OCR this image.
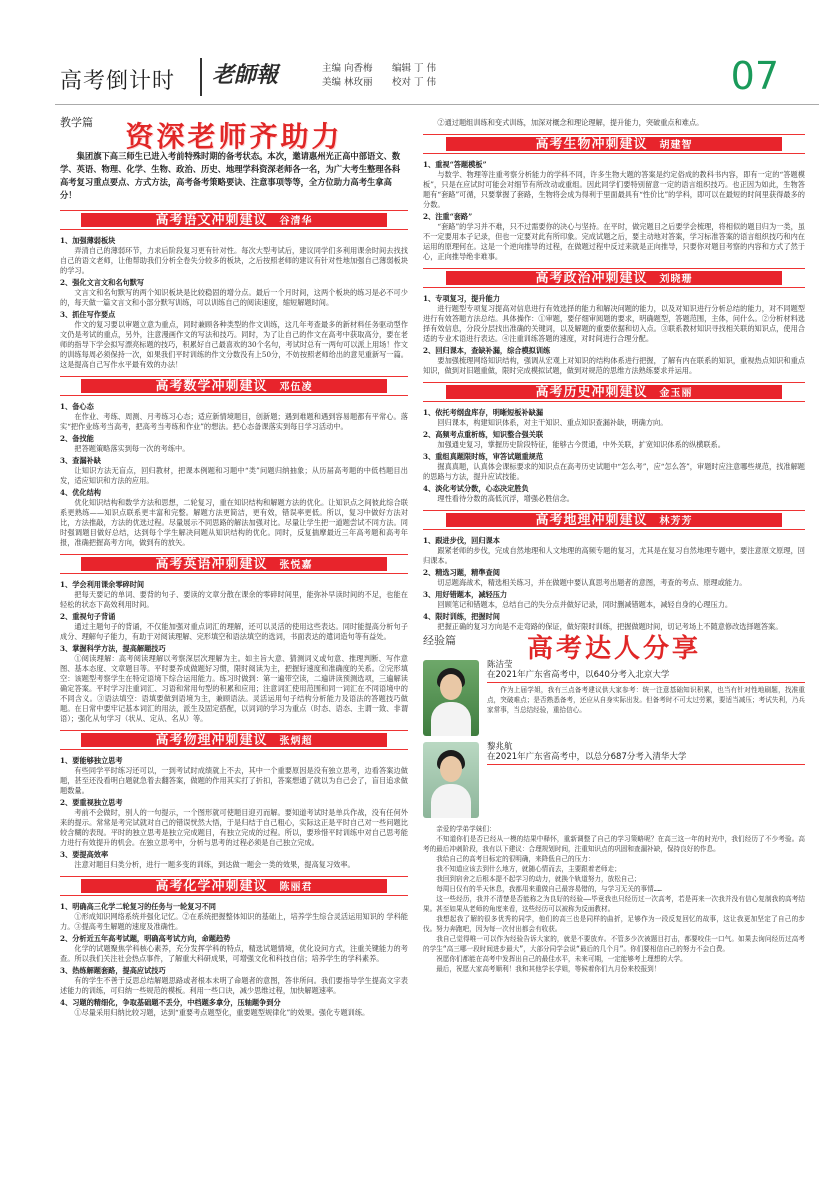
高考倒计时	老師報	主编 向香梅 编辑 丁 伟
美编 林玫丽 校对 丁 伟	07
教学篇	资深老师齐助力
集团旗下高三师生已进入考前特殊时期的备考状态。本次，邀请惠州光正高中部语文、数学、英语、物理、化学、生物、政治、历史、地理学科资深老师各一名，为广大考生整理各科高考复习重点要点、方式方法，高考备考策略要诀、注意事项等等，全方位助力高考生拿高分！
高考语文冲刺建议 谷清华
1、加强薄弱板块
弄清自己的薄弱环节，力求后阶段复习更有针对性。每次大型考试后，建议同学们多利用课余时间去找找自己的语文老师，让他帮助我们分析全卷失分较多的板块，之后按照老师的建议有针对性地加强自己薄弱板块的学习。
2、强化文言文和名句默写
文言文和名句默写的两个知识板块是比较稳固的增分点。最后一个月时间，这两个板块的练习是必不可少的，每天做一篇文言文和小部分默写训练，可以训练自己的阅读速度，缩短解题时间。
3、抓住写作要点
作文的复习要以审题立意为重点，同时兼顾各种类型的作文训练，这几年考查最多的新材料任务驱动型作文仍是考试的重点，另外，注意漫画作文的写法和技巧。同时，为了让自己的作文在高考中获取高分，要在老师的指导下学会拟写漂亮标题的技巧，积累好自己最喜欢的30个名句，考试时总有一两句可以派上用场！作文的训练每周必须保持一次，如果我们平时训练的作文分数没有上50分，不妨按照老师给出的意见重新写一篇。这是提高自己写作水平最有效的办法！
高考数学冲刺建议 邓伍凌
1、备心态
在作业、考练、周测、月考练习心态；适应新情境题目，创新题；遇到难题和遇到容易题都有平常心。落实“把作业练考当高考，把高考当考练和作业”的想法。把心态备课落实到每日学习活动中。
2、备找能
把答题策略落实到每一次的考练中。
3、查漏补缺
让知识方法无盲点，回归教材，把课本例题和习题中“类”问题归纳抽象；从历届高考题的中低档题目出发，适应知识和方法的应用。
4、优化结构
优化知识结构和数学方法和思想，二轮复习，重在知识结构和解题方法的优化。让知识点之间彼此综合联系更熟练——知识点联系更丰富和完整。解题方法更简洁，更有效，错误率更低。所以，复习中做好方法对比，方法推敲，方法的优选过程。尽量展示不同思路的解法加强对比。尽量让学生把一道题尝试不同方法。同时强调题目做好总结，达到每个学生解决问题从知识结构的优化。同时，反复揣摩最近三年高考题和高考年报，准确把握高考方向，做到有的放矢。
高考英语冲刺建议 张悦嘉
1、学会利用课余零碎时间
把每天要记的单词、要背的句子、要读的文章分散在课余的零碎时间里，能弥补早读时间的不足，也能在轻松的状态下高效利用时间。
2、重视句子背诵
通过主题句子的背诵，不仅能加强对重点词汇的理解，还可以灵活的使用这些表达。同时能提高分析句子成分、理解句子能力，有助于对阅读理解、完形填空和语法填空的选词，书面表达的遣词造句等有益处。
3、掌握科学方法，提高解题技巧
①阅读理解：高考阅读理解以考察深层次理解为主。如主旨大意、猜测词义或句意、推理判断、写作意图、基本态度、文章题目等。平时要养成做题好习惯，限时阅读为主，把握好速度和准确度的关系。②完形填空：该题型考察学生在特定语境下综合运用能力。练习时做到：第一遍带空读，二遍讲读预测选项，三遍解读确定答案。平时学习注重词汇、习语和常用句型的积累和应用；注意词汇使用范围和同一词汇在不同语境中的不同含义。③语法填空：语填要做到语境为主，兼顾语法。灵活运用句子结构分析能力及语法的答题技巧做题。在日常中要牢记基本词汇的用法，派生及固定搭配，以词词的学习为重点（时态、语态、主谓一致、非谓语）；强化从句学习（状从、定从、名从）等。
高考物理冲刺建议 张炳超
1、要能够独立思考
有些同学平时练习还可以，一到考试时成绩就上不去，其中一个重要原因是没有独立思考，边看答案边做题，甚至还没看明白题就急着去翻答案，做题的作用其实打了折扣，答案想通了就以为自己会了，盲目追求做题数量。
2、要重视独立思考
考前不会做时，别人的一句提示，一个图形就可使题目迎刃而解。要知道考试时是单兵作战，没有任何外来的提示。常常是考完试就对自己的错误恍然大悟，于是归结于自己粗心，实际这正是平时自己对一些问题比较含糊的表现。平时的独立思考是独立完成题目，有独立完成的过程。所以，要珍惜平时训练中对自己思考能力进行有效提升的机会。在独立思考中，分析与思考的过程必须是自己独立完成。
3、要提高效率
注意对题目归类分析，进行一题多变的训练，到达做一题会一类的效果，提高复习效率。
高考化学冲刺建议 陈丽君
1、明确高三化学二轮复习的任务与一轮复习不同
①形成知识网络系统并强化记忆。②在系统把握整体知识的基础上，培养学生综合灵活运用知识的 学科能力。③提高考生解题的速度及准确性。
2、分析近五年高考试题，明确高考试方向，命题趋势
化学的试题聚焦学科核心素养，充分发挥学科的特点，精选试题情境，优化设问方式，注重关键能力的考查。所以我们关注社会热点事件，了解重大科研成果，可增强文化和科技自信；培养学生的学科素养。
3、热练解题套路，提高应试技巧
有的学生不善于反思总结解题思路或者根本未明了命题者的意图，答非所问。我们要指导学生提高文字表述能力的训练，可归纳一些规范的模板。利用一些口诀，减少思维过程，加快解题速率。
4、习题的精细化，争取基础题不丢分，中档题多拿分，压轴题争到分
①尽量采用归纳比较习题，达到“重要考点题型化，重要题型规律化”的效果。强化专题训练。
②通过题组训练和变式训练，加深对概念和理论理解，提升能力，突破重点和难点。
高考生物冲刺建议 胡建智
1、重视“答题模板”
与数学、物理等注重考察分析能力的学科不同，许多生物大题的答案是约定俗成的教科书内容，即有一定的“答题模板”，只是在应试时可能会对细节有所改动或重组。因此同学们要特别留意一定的语言组织技巧。也正因为如此，生物答题有“套路”可循，只要掌握了套路，生物将会成为得利于里面最具有“性价比”的学科，即可以在最短的时间里获得最多的分数。
2、注重“套路”
“套路”的学习并不难，只不过需要你的决心与坚持。在平时，做完题目之后要学会梳理，将相似的题目归为一类，虽不一定要用本子记录，但也一定要对此有所印象。完成试题之后，要主动地对答案，学习标准答案的语言组织技巧和内在运用的原理何在。这是一个逆向推导的过程，在做题过程中反过来就是正向推导，只要你对题目考察的内容和方式了然于心，正向推导绝非难事。
高考政治冲刺建议 刘晓珊
1、专项复习，提升能力
进行题型专项复习提高对信息进行有效选择的能力和解决问题的能力，以及对知识进行分析总结的能力，对不同题型进行有效答题方法总结。具体操作：①审题，要仔细审阅题的要求，明确题型，答题范围，主体，问什么。②分析材料选择有效信息，分段分层找出准确的关键词，以及解题的重要依据和切入点。③联系教材知识寻找相关联的知识点，使用合适的专业术语进行表达。④注重训练答题的速度，对时间进行合理分配。
2、回归课本，查缺补漏，综合模拟训练
要加强梳理网络知识结构，强调从宏观上对知识的结构体系进行把握，了解有内在联系的知识，重视热点知识和重点知识，做到对旧题重做，限时完成模拟试题，做到对规范的思维方法熟练要求并运用。
高考历史冲刺建议 金玉丽
1、依托考纲盘库存，明晰短板补缺漏
回归课本，构建知识体系，对主干知识、重点知识查漏补缺，明确方向。
2、高频考点重析练，知识整合强关联
加强通史复习，掌握历史阶段特征，能够古今贯通，中外关联，扩宽知识体系的纵横联系。
3、重组真题限时练，审答试题重规范
掘真真题，认真体会课标要求的知识点在高考历史试题中“怎么考”，应“怎么答”，审题时应注意哪些规范，找准解题的思路与方法，提升应试技能。
4、淡化考试分数，心态决定胜负
理性看待分数的高低沉浮，增强必胜信念。
高考地理冲刺建议 林芳芳
1、跟进步伐，回归课本
跟紧老师的步伐，完成自然地理和人文地理的高频专题的复习，尤其是在复习自然地理专题中，要注意原文原理，回归课本。
2、精选习题，精準查阅
切忌题海战术，精选相关练习，并在做题中要认真思考出题者的意图，考查的考点、原理或能力。
3、用好错题本，减轻压力
回顾笔记和错题本，总结自己的失分点并做好记录，同时删减错题本，减轻自身的心理压力。
4、限时训练，把握时间
把握正确的复习方向是不走弯路的保证，做好限时训练，把握做题时间，切记考场上不随意修改选择题答案。
经验篇	高考达人分享
陈洁莹
在2021年广东省高考中，以640分考入北京大学
作为上届学姐，我有三点备考建议供大家参考：统一注意基础知识积累，也当有针对性地刷题，找准重点，突破难点；是否熟悉备考，还应从自身实际出发。但备考时不可太过劳累，要适当减压；考试失利，乃兵家常事，当总结经验，重拾信心。
黎兆航
在2021年广东省高考中，以总分687分考入清华大学
亲爱的学弟学妹们：
不知道你们是否已经从一模的结果中释怀，重新调整了自己的学习策略呢？在高三这一年的时光中，我们经历了不少考验。高考的最后冲刺阶段，我有以下建议：合理规划时间，注重知识点的巩固和查漏补缺，保持良好的作息。
我给自己的高考目标定的很明确，来降低自己的压力：
我不知道应该去到什么地方，就随心情而去，主要跟着老师走；
我回到宿舍之后根本提不起学习的动力，就换个轨道努力，放松自己；
每周日仅有的半天休息，我都用来重做自己最容易错的，与学习无关的事情……
这一些经历，我并不清楚是否能称之为良好的经验——毕竟我也只经历过一次高考，若是再来一次我并没有信心复制我的高考结果。甚至如果从老师的角度来看，这些经历可以被称为反面教材。
我想起我了解的很多优秀的同学，他们的高三也是同样的曲折，足够作为一段反复回忆的故事，这让我更加坚定了自己的步伐。努力奔跑吧，因为每一次付出都会有收获。
我自己觉得唯一可以作为经验告诉大家的，就是不要放弃。不管多少次被题目打击，都要咬住一口气。如果去询问经历过高考的学生“高三哪一段时间进步最大”，大部分同学会说“最后的几个月”。你们要相信自己的努力不会白费。
祝愿你们都能在高考中发挥出自己的最佳水平，未来可期，一定能够考上理想的大学。
最后，祝愿大家高考顺利！我和其他学长学姐，等候着你们九月份来校报到！
